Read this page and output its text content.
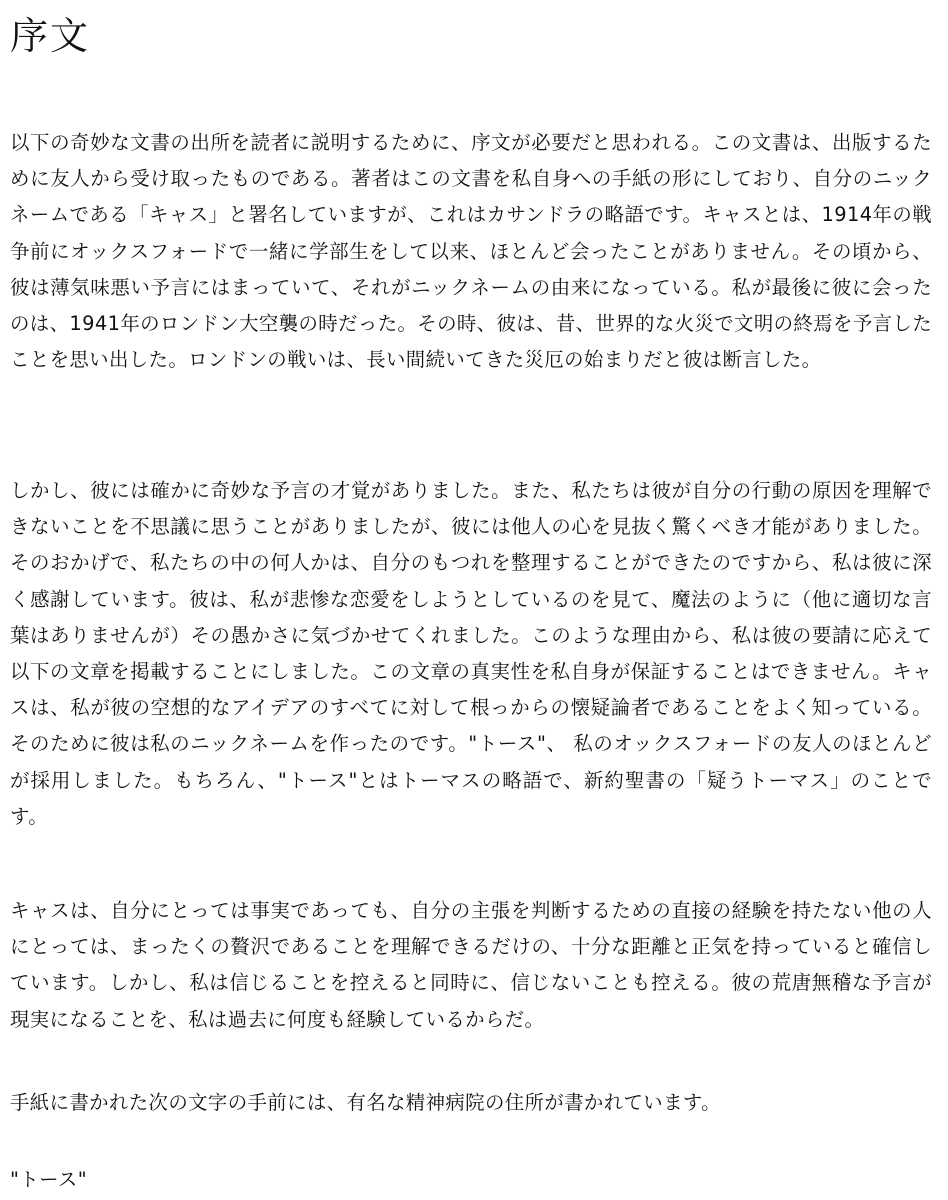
序文

以下の奇妙な文書の出所を読者に説明するために、序文が必要だと思われる。この文書は、出版するために友人から受け取ったものである。著者はこの文書を私自身への手紙の形にしており、自分のニックネームである「キャス」と署名していますが、これはカサンドラの略語です。キャスとは、1914年の戦争前にオックスフォードで一緒に学部生をして以来、ほとんど会ったことがありません。その頃から、彼は薄気味悪い予言にはまっていて、それがニックネームの由来になっている。私が最後に彼に会ったのは、1941年のロンドン大空襲の時だった。その時、彼は、昔、世界的な火災で文明の終焉を予言したことを思い出した。ロンドンの戦いは、長い間続いてきた災厄の始まりだと彼は断言した。

しかし、彼には確かに奇妙な予言の才覚がありました。また、私たちは彼が自分の行動の原因を理解できないことを不思議に思うことがありましたが、彼には他人の心を見抜く驚くべき才能がありました。そのおかげで、私たちの中の何人かは、自分のもつれを整理することができたのですから、私は彼に深く感謝しています。彼は、私が悲惨な恋愛をしようとしているのを見て、魔法のように（他に適切な言葉はありませんが）その愚かさに気づかせてくれました。このような理由から、私は彼の要請に応えて以下の文章を掲載することにしました。この文章の真実性を私自身が保証することはできません。キャスは、私が彼の空想的なアイデアのすべてに対して根っからの懐疑論者であることをよく知っている。そのために彼は私のニックネームを作ったのです。"トース"、 私のオックスフォードの友人のほとんどが採用しました。もちろん、"トース"とはトーマスの略語で、新約聖書の「疑うトーマス」のことです。

キャスは、自分にとっては事実であっても、自分の主張を判断するための直接の経験を持たない他の人にとっては、まったくの贅沢であることを理解できるだけの、十分な距離と正気を持っていると確信しています。しかし、私は信じることを控えると同時に、信じないことも控える。彼の荒唐無稽な予言が現実になることを、私は過去に何度も経験しているからだ。

手紙に書かれた次の文字の手前には、有名な精神病院の住所が書かれています。

"トース"
